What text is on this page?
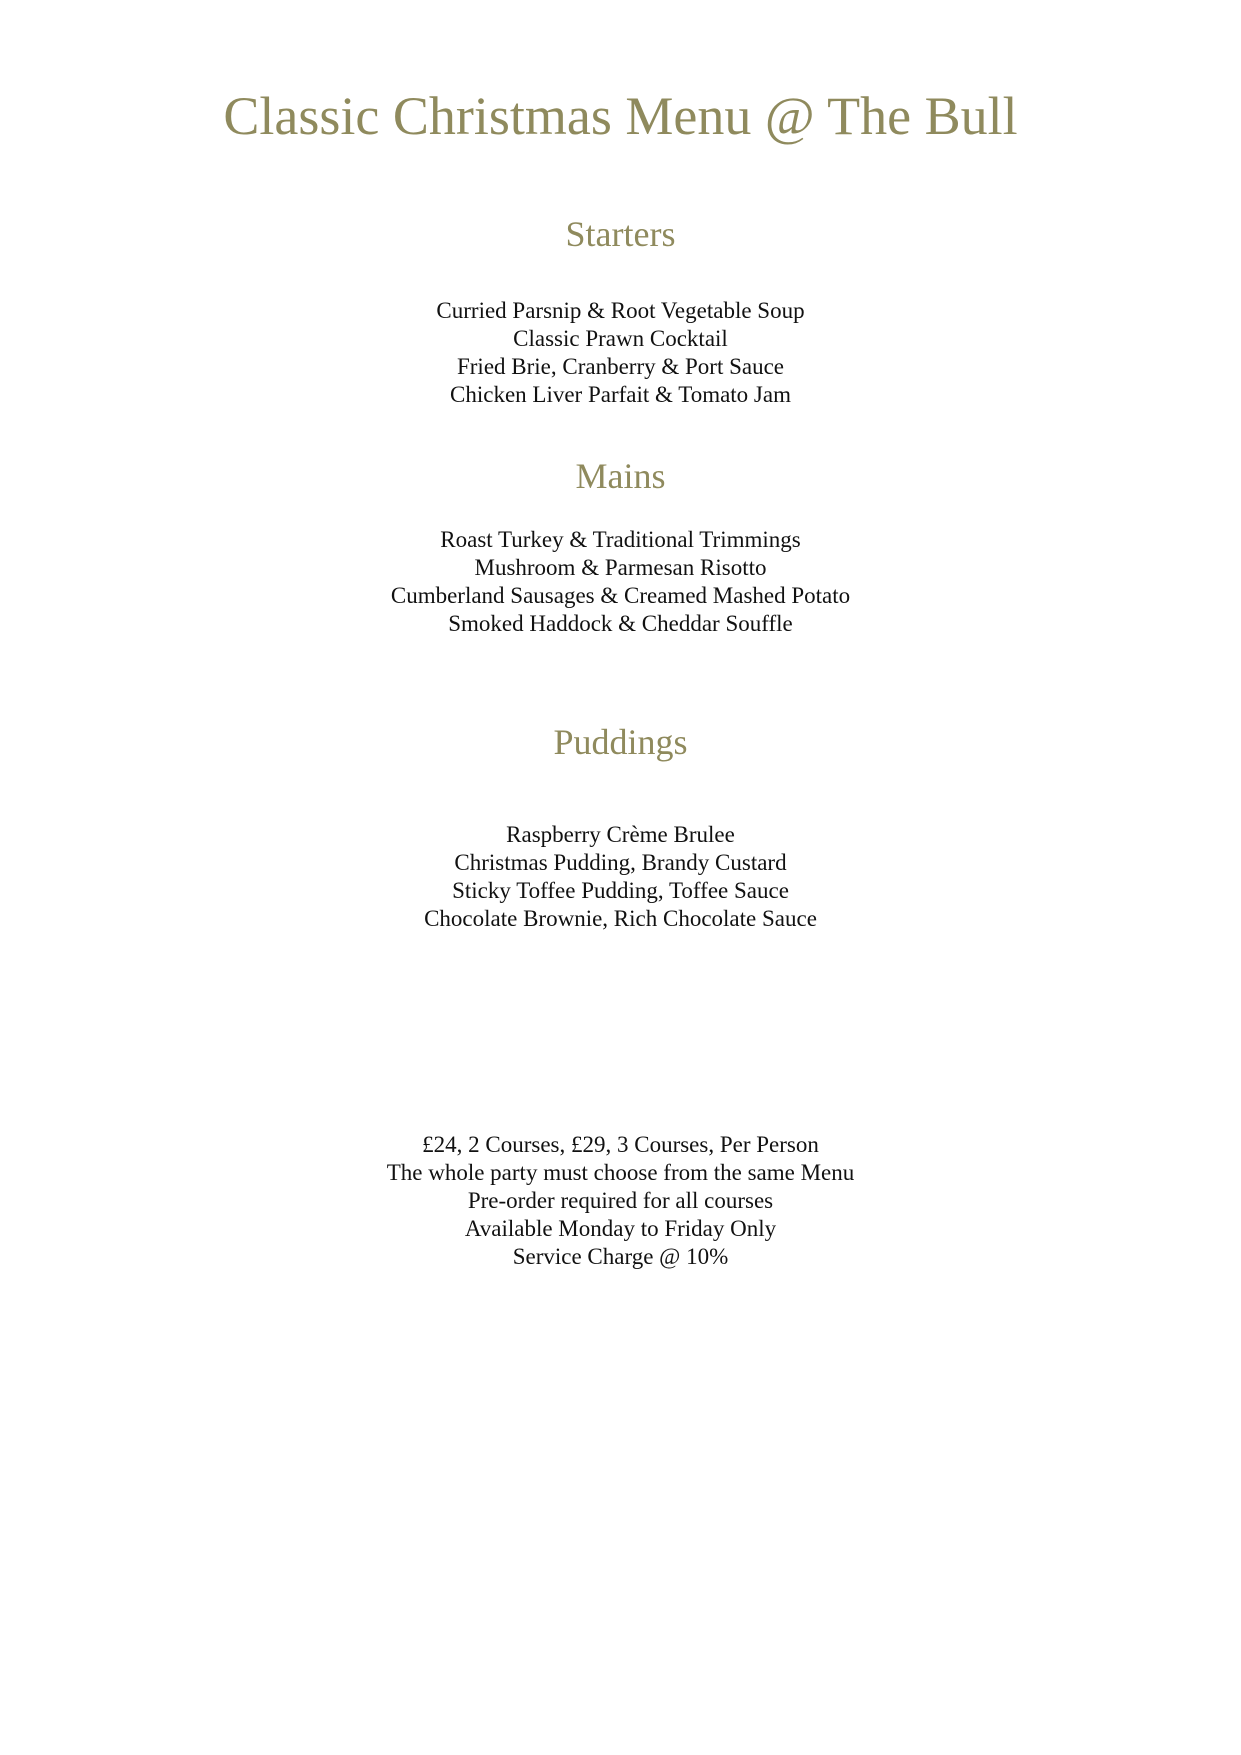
Classic Christmas Menu @ The Bull
Starters
Curried Parsnip & Root Vegetable Soup
Classic Prawn Cocktail
Fried Brie, Cranberry & Port Sauce
Chicken Liver Parfait & Tomato Jam
Mains
Roast Turkey & Traditional Trimmings
Mushroom & Parmesan Risotto
Cumberland Sausages & Creamed Mashed Potato
Smoked Haddock & Cheddar Souffle
Puddings
Raspberry Crème Brulee
Christmas Pudding, Brandy Custard
Sticky Toffee Pudding, Toffee Sauce
Chocolate Brownie, Rich Chocolate Sauce
£24, 2 Courses, £29, 3 Courses, Per Person
The whole party must choose from the same Menu
Pre-order required for all courses
Available Monday to Friday Only
Service Charge @ 10%
